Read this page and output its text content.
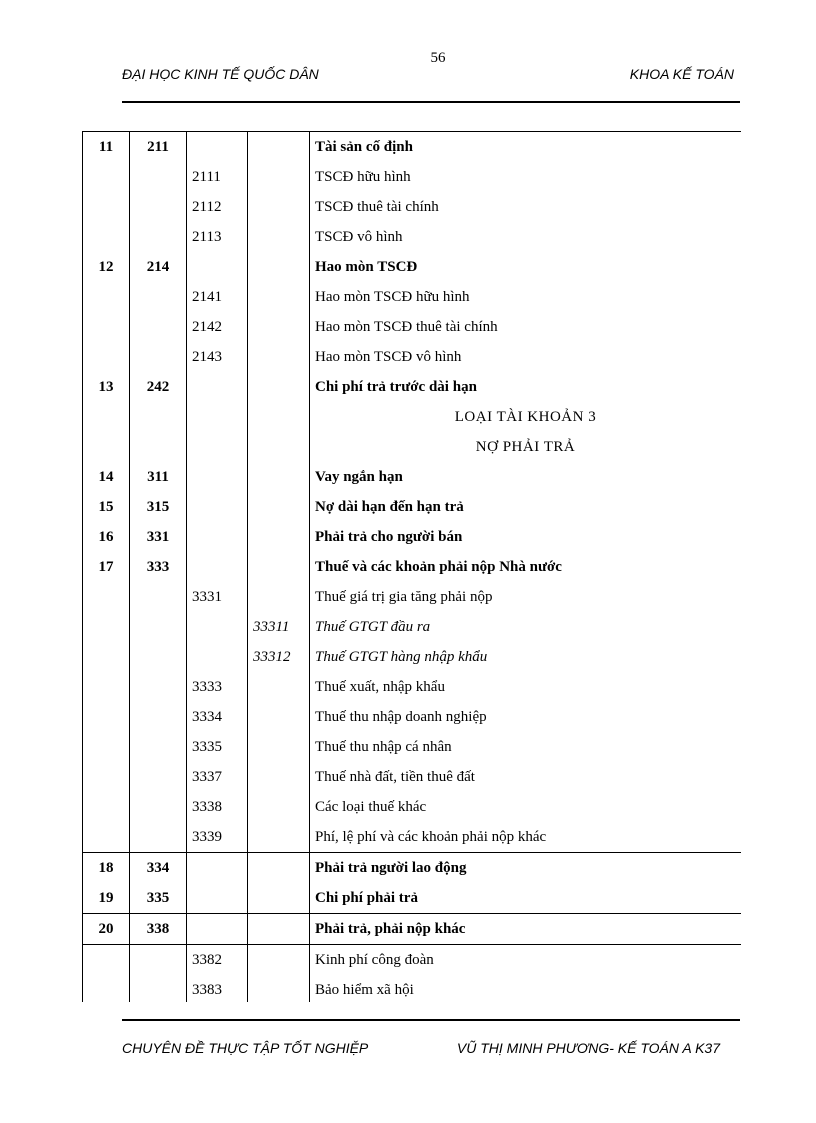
56
ĐẠI HỌC KINH TẾ QUỐC DÂN	KHOA KẾ TOÁN
11	211			Tài sản cố định
		2111		TSCĐ hữu hình
		2112		TSCĐ thuê tài chính
		2113		TSCĐ vô hình
12	214			Hao mòn TSCĐ
		2141		Hao mòn TSCĐ hữu hình
		2142		Hao mòn TSCĐ thuê tài chính
		2143		Hao mòn TSCĐ vô hình
13	242			Chi phí trả trước dài hạn
				LOẠI TÀI KHOẢN 3
				NỢ PHẢI TRẢ
14	311			Vay ngắn hạn
15	315			Nợ dài hạn đến hạn trả
16	331			Phải trả cho người bán
17	333			Thuế và các khoản phải nộp Nhà nước
		3331		Thuế giá trị gia tăng phải nộp
			33311	Thuế GTGT đầu ra
			33312	Thuế GTGT hàng nhập khẩu
		3333		Thuế xuất, nhập khẩu
		3334		Thuế thu nhập doanh nghiệp
		3335		Thuế thu nhập cá nhân
		3337		Thuế nhà đất, tiền thuê đất
		3338		Các loại thuế khác
		3339		Phí, lệ phí và các khoản phải nộp khác
18	334			Phải trả người lao động
19	335			Chi phí phải trả
20	338			Phải trả, phải nộp khác
		3382		Kinh phí công đoàn
		3383		Bảo hiểm xã hội
CHUYÊN ĐỀ THỰC TẬP TỐT NGHIỆP	VŨ THỊ MINH PHƯƠNG- KẾ TOÁN A K37
